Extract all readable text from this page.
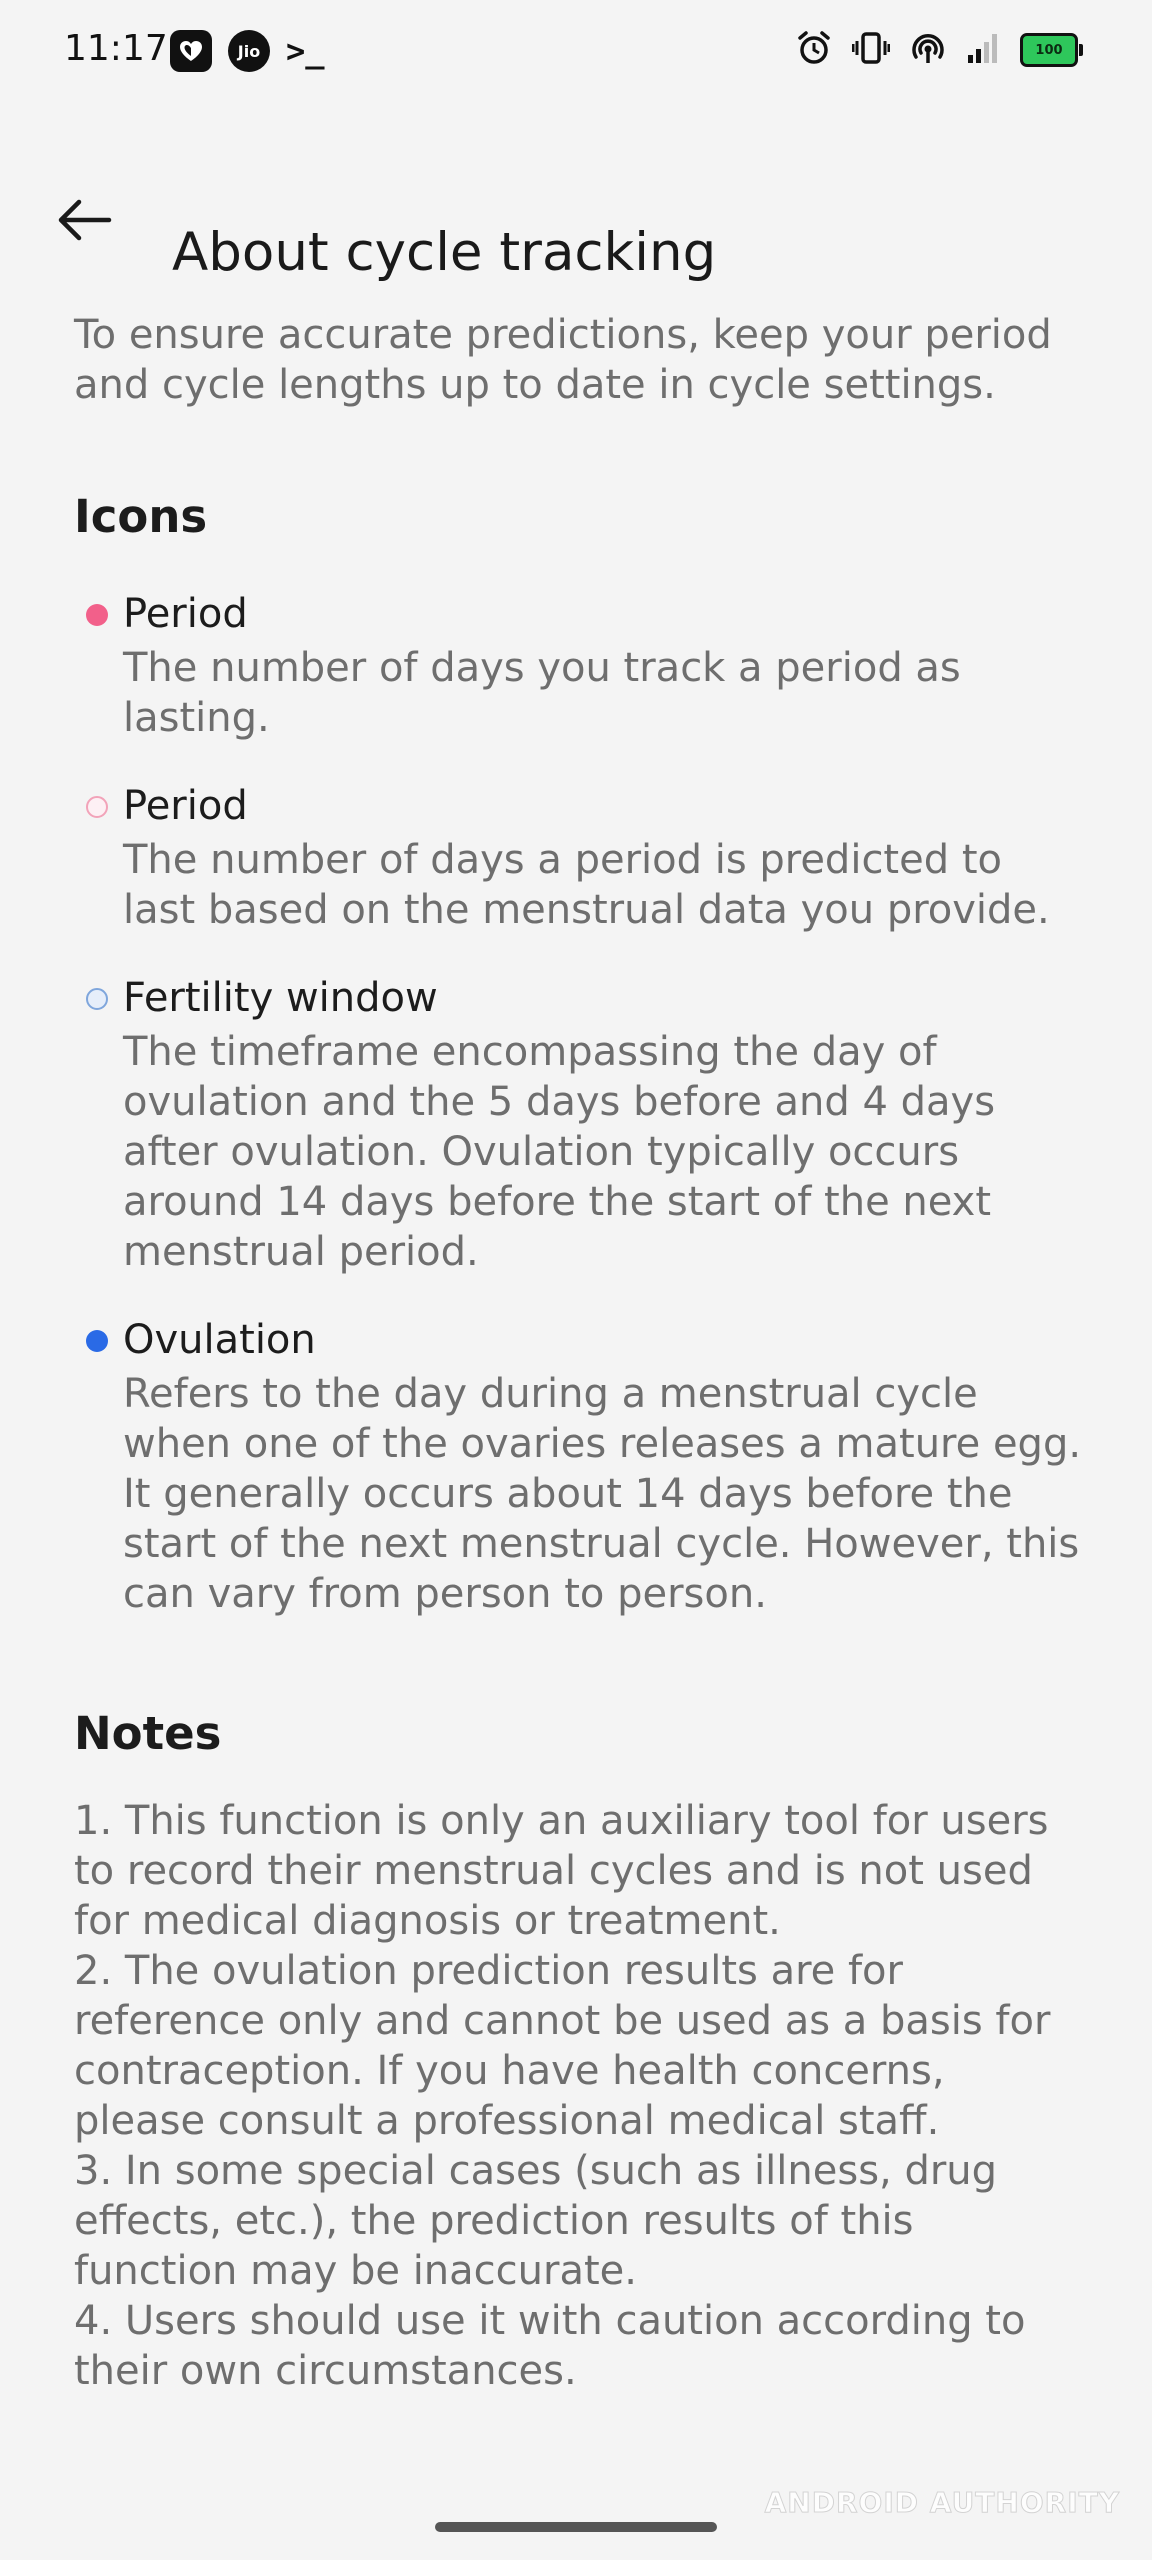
11:17	Jio >_	100
About cycle tracking

To ensure accurate predictions, keep your period and cycle lengths up to date in cycle settings.

Icons

Period

The number of days you track a period as lasting.

Period

The number of days a period is predicted to last based on the menstrual data you provide.

Fertility window

The timeframe encompassing the day of ovulation and the 5 days before and 4 days after ovulation. Ovulation typically occurs around 14 days before the start of the next menstrual period.

Ovulation

Refers to the day during a menstrual cycle when one of the ovaries releases a mature egg. It generally occurs about 14 days before the start of the next menstrual cycle. However, this can vary from person to person.

Notes

1. This function is only an auxiliary tool for users to record their menstrual cycles and is not used for medical diagnosis or treatment.

2. The ovulation prediction results are for reference only and cannot be used as a basis for contraception. If you have health concerns, please consult a professional medical staff.

3. In some special cases (such as illness, drug effects, etc.), the prediction results of this function may be inaccurate.

4. Users should use it with caution according to their own circumstances.

ANDROID AUTHORITY
